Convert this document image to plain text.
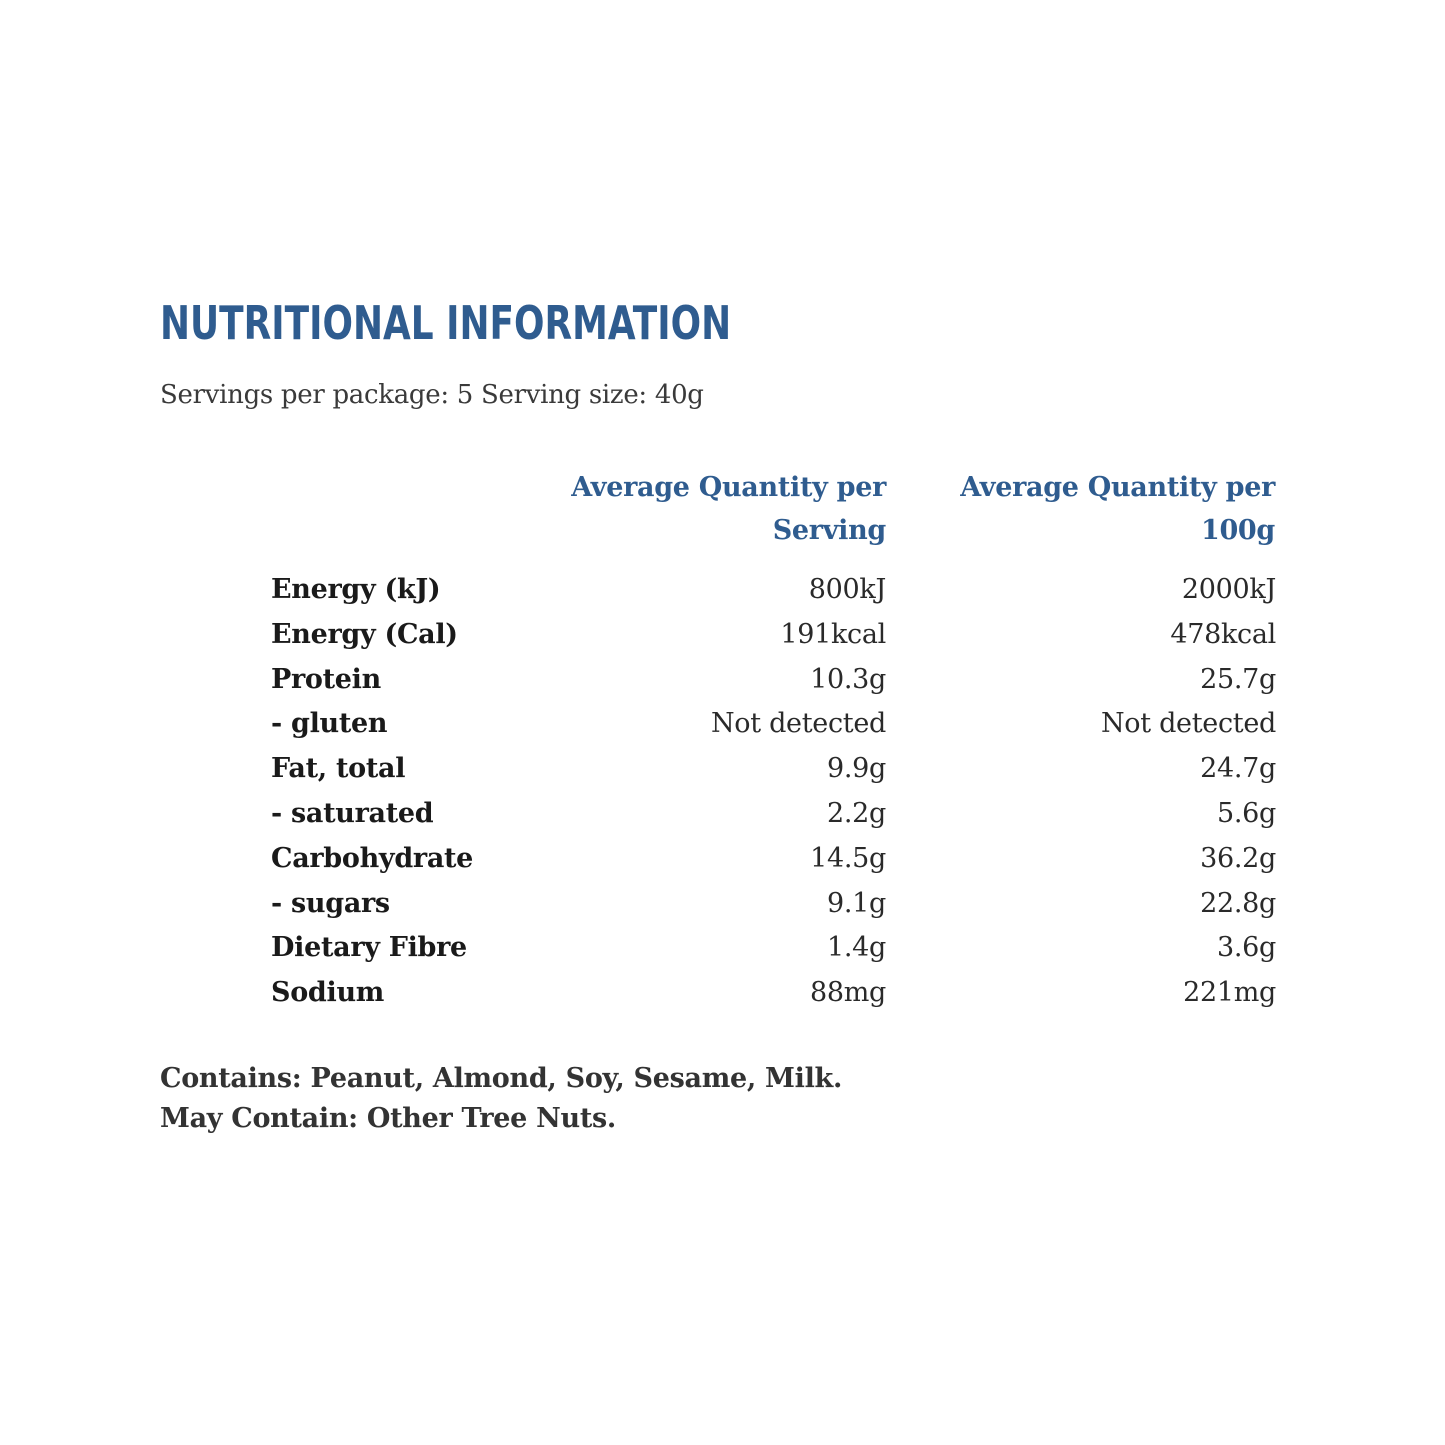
NUTRITIONAL INFORMATION
Servings per package: 5 Serving size: 40g
Average Quantity per
Serving
Average Quantity per
100g
Energy (kJ)	800kJ	2000kJ
Energy (Cal)	191kcal	478kcal
Protein	10.3g	25.7g
- gluten	Not detected	Not detected
Fat, total	9.9g	24.7g
- saturated	2.2g	5.6g
Carbohydrate	14.5g	36.2g
- sugars	9.1g	22.8g
Dietary Fibre	1.4g	3.6g
Sodium	88mg	221mg
Contains: Peanut, Almond, Soy, Sesame, Milk.
May Contain: Other Tree Nuts.
